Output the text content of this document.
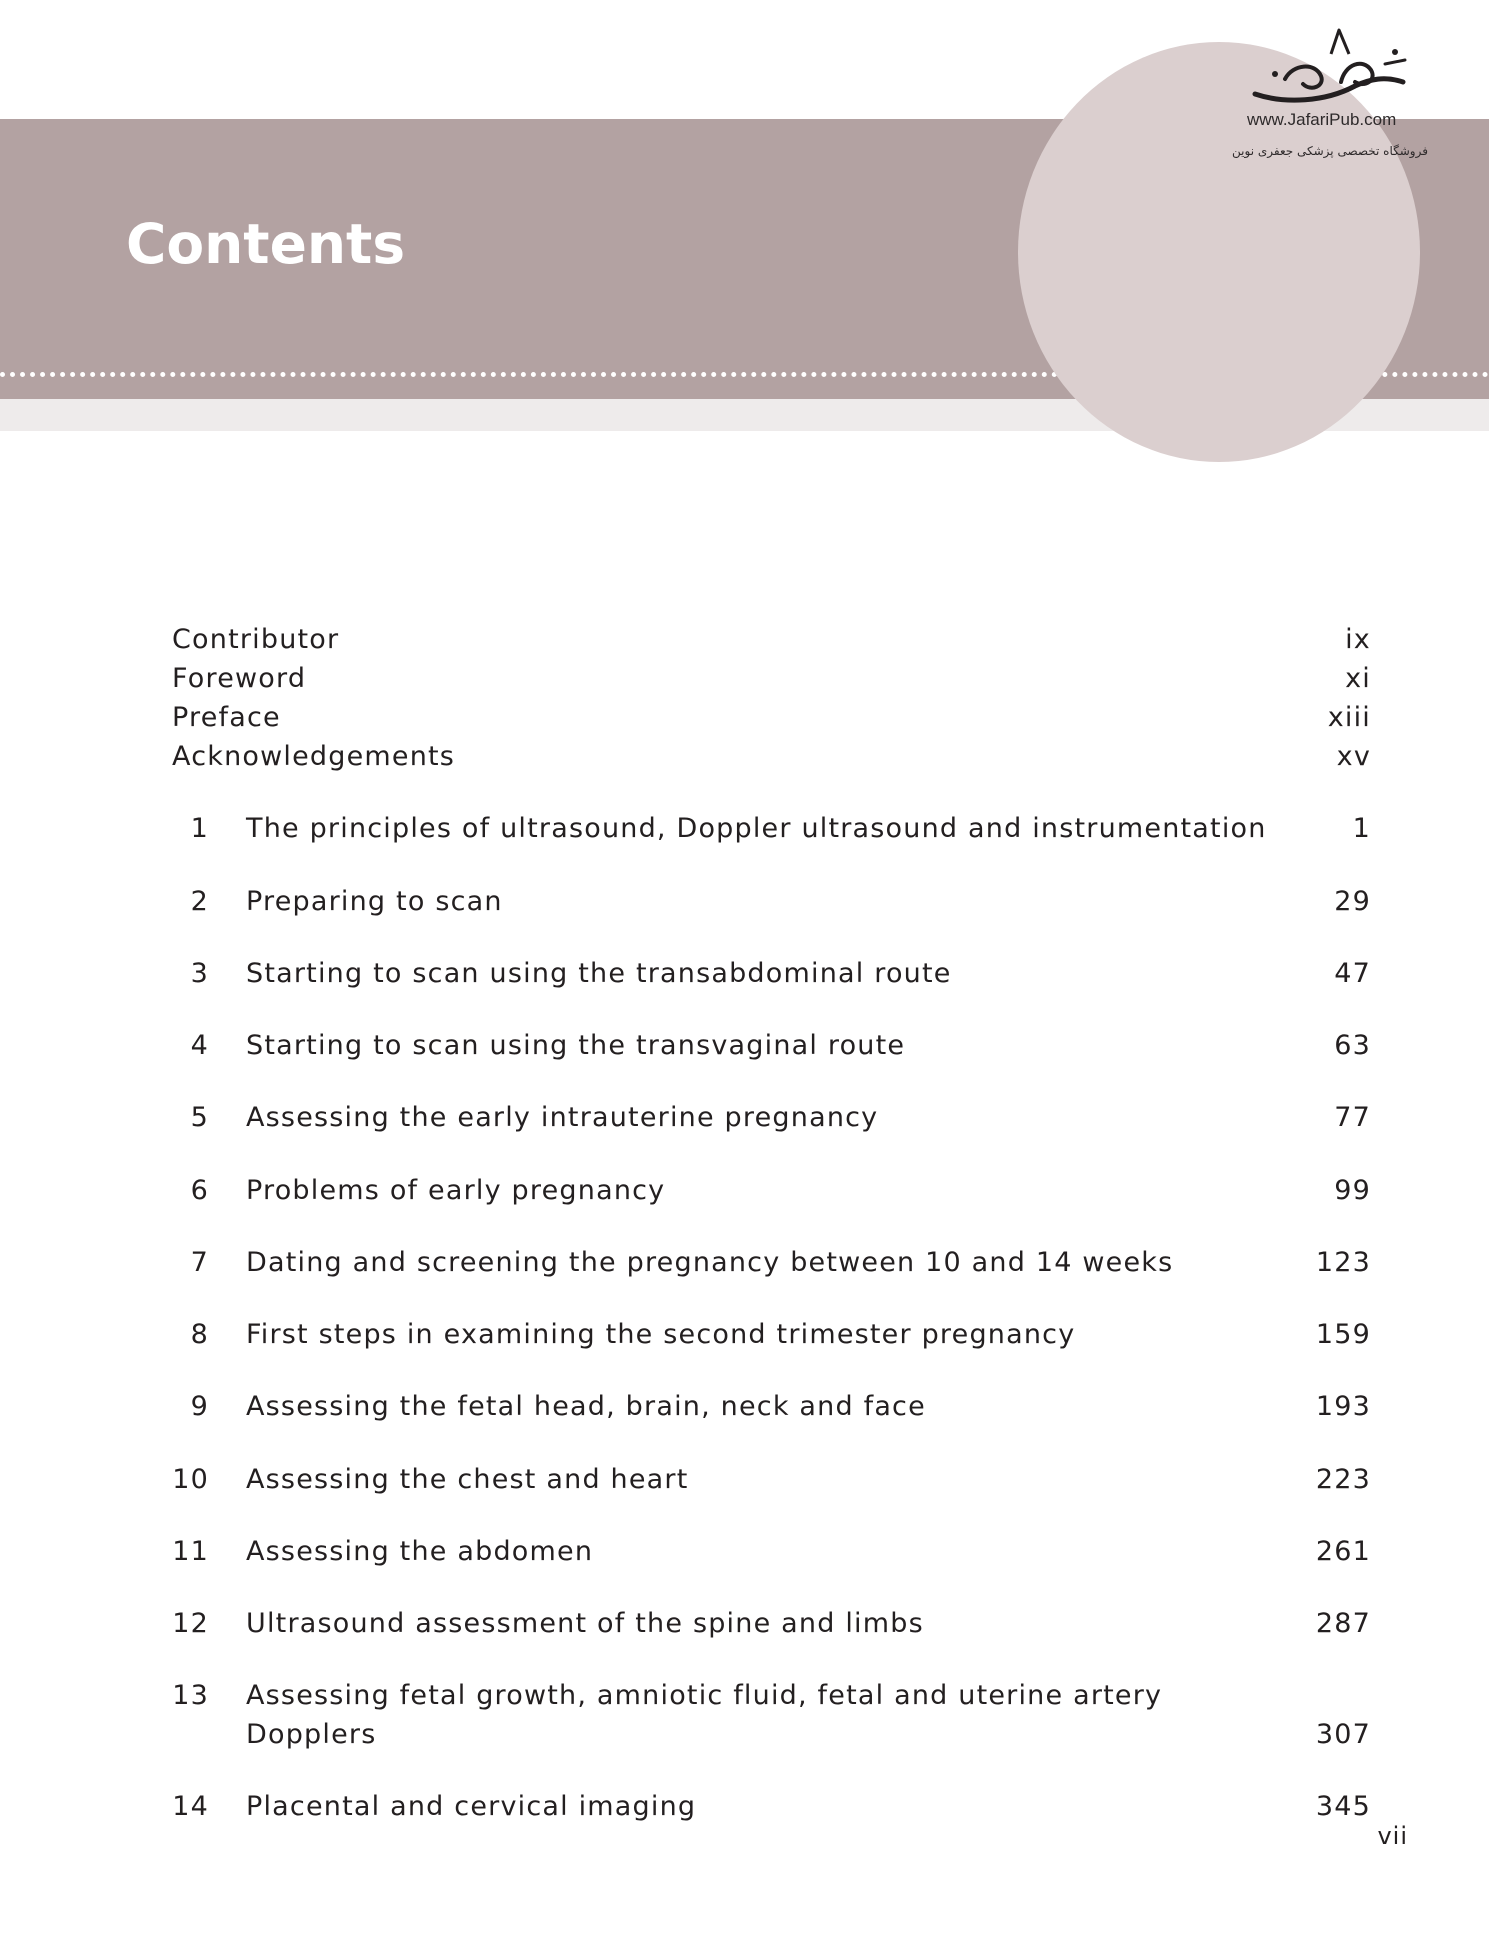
Contents
www.JafariPub.com
فروشگاه تخصصی پزشکی جعفری نوین
Contributor	ix
Foreword	xi
Preface	xiii
Acknowledgements	xv
1 The principles of ultrasound, Doppler ultrasound and instrumentation	1
2 Preparing to scan	29
3 Starting to scan using the transabdominal route	47
4 Starting to scan using the transvaginal route	63
5 Assessing the early intrauterine pregnancy	77
6 Problems of early pregnancy	99
7 Dating and screening the pregnancy between 10 and 14 weeks	123
8 First steps in examining the second trimester pregnancy	159
9 Assessing the fetal head, brain, neck and face	193
10 Assessing the chest and heart	223
11 Assessing the abdomen	261
12 Ultrasound assessment of the spine and limbs	287
13 Assessing fetal growth, amniotic fluid, fetal and uterine artery
Dopplers	307
14 Placental and cervical imaging	345
vii
